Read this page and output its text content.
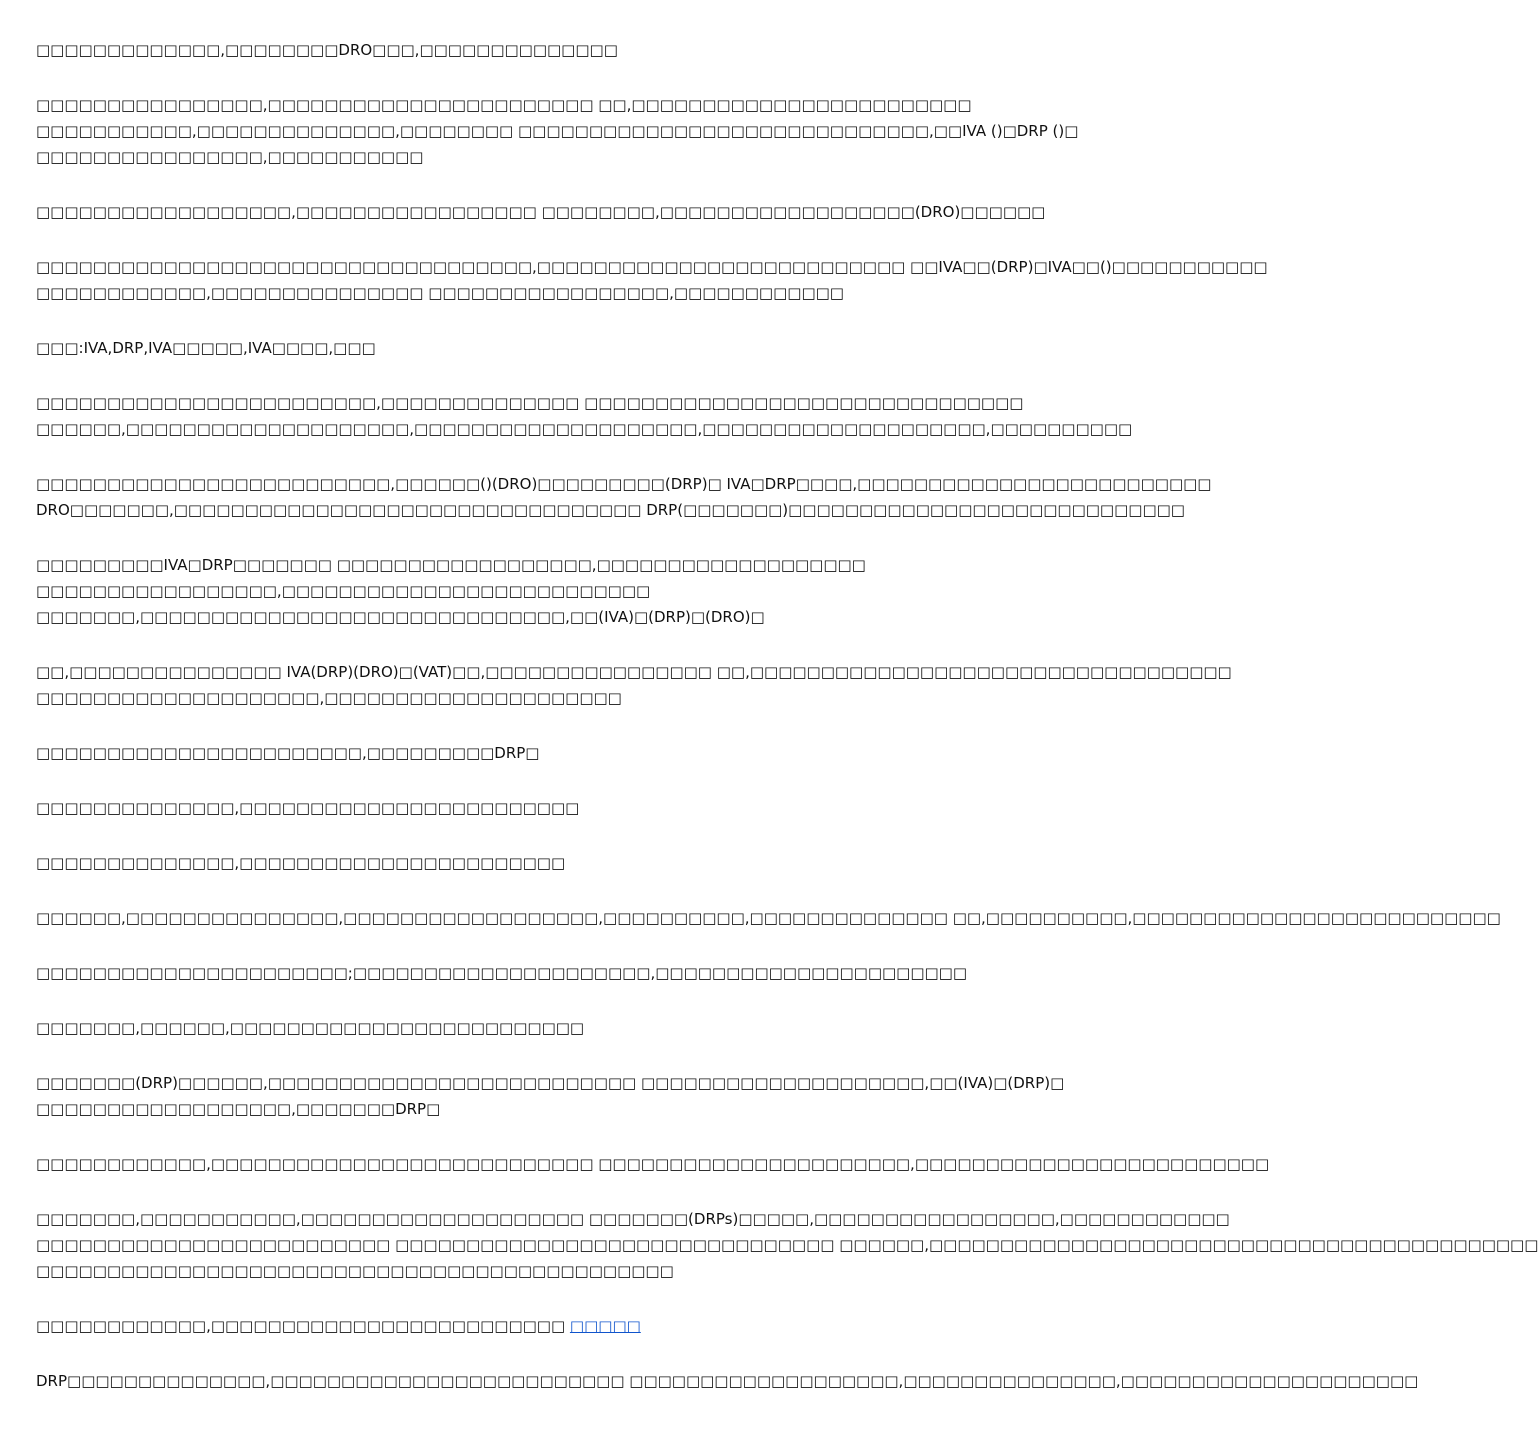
□□□□□□□□□□□□□,□□□□□□□□DRO□□□,□□□□□□□□□□□□□□

□□□□□□□□□□□□□□□□,□□□□□□□□□□□□□□□□□□□□□□□ □□,□□□□□□□□□□□□□□□□□□□□□□□□
□□□□□□□□□□□,□□□□□□□□□□□□□□,□□□□□□□□ □□□□□□□□□□□□□□□□□□□□□□□□□□□□□,□□IVA ()□DRP ()□
□□□□□□□□□□□□□□□□,□□□□□□□□□□□

□□□□□□□□□□□□□□□□□□,□□□□□□□□□□□□□□□□□ □□□□□□□□,□□□□□□□□□□□□□□□□□□(DRO)□□□□□□

□□□□□□□□□□□□□□□□□□□□□□□□□□□□□□□□□□□,□□□□□□□□□□□□□□□□□□□□□□□□□□ □□IVA□□(DRP)□IVA□□()□□□□□□□□□□□
□□□□□□□□□□□□,□□□□□□□□□□□□□□□ □□□□□□□□□□□□□□□□□,□□□□□□□□□□□□

□□□:IVA,DRP,IVA□□□□□,IVA□□□□,□□□

□□□□□□□□□□□□□□□□□□□□□□□□,□□□□□□□□□□□□□□ □□□□□□□□□□□□□□□□□□□□□□□□□□□□□□□
□□□□□□,□□□□□□□□□□□□□□□□□□□□,□□□□□□□□□□□□□□□□□□□□,□□□□□□□□□□□□□□□□□□□□,□□□□□□□□□□

□□□□□□□□□□□□□□□□□□□□□□□□□,□□□□□□()(DRO)□□□□□□□□□(DRP)□ IVA□DRP□□□□,□□□□□□□□□□□□□□□□□□□□□□□□□
DRO□□□□□□□,□□□□□□□□□□□□□□□□□□□□□□□□□□□□□□□□□ DRP(□□□□□□□)□□□□□□□□□□□□□□□□□□□□□□□□□□□□

□□□□□□□□□IVA□DRP□□□□□□□ □□□□□□□□□□□□□□□□□□,□□□□□□□□□□□□□□□□□□□
□□□□□□□□□□□□□□□□□,□□□□□□□□□□□□□□□□□□□□□□□□□□
□□□□□□□,□□□□□□□□□□□□□□□□□□□□□□□□□□□□□□,□□(IVA)□(DRP)□(DRO)□

□□,□□□□□□□□□□□□□□□ IVA(DRP)(DRO)□(VAT)□□,□□□□□□□□□□□□□□□□ □□,□□□□□□□□□□□□□□□□□□□□□□□□□□□□□□□□□□
□□□□□□□□□□□□□□□□□□□□,□□□□□□□□□□□□□□□□□□□□□

□□□□□□□□□□□□□□□□□□□□□□□,□□□□□□□□□DRP□

□□□□□□□□□□□□□□,□□□□□□□□□□□□□□□□□□□□□□□□

□□□□□□□□□□□□□□,□□□□□□□□□□□□□□□□□□□□□□□

□□□□□□,□□□□□□□□□□□□□□□,□□□□□□□□□□□□□□□□□□,□□□□□□□□□□,□□□□□□□□□□□□□□ □□,□□□□□□□□□□,□□□□□□□□□□□□□□□□□□□□□□□□□□

□□□□□□□□□□□□□□□□□□□□□□;□□□□□□□□□□□□□□□□□□□□□,□□□□□□□□□□□□□□□□□□□□□□

□□□□□□□,□□□□□□,□□□□□□□□□□□□□□□□□□□□□□□□□

□□□□□□□(DRP)□□□□□□,□□□□□□□□□□□□□□□□□□□□□□□□□□ □□□□□□□□□□□□□□□□□□□□,□□(IVA)□(DRP)□
□□□□□□□□□□□□□□□□□□,□□□□□□□DRP□

□□□□□□□□□□□□,□□□□□□□□□□□□□□□□□□□□□□□□□□□ □□□□□□□□□□□□□□□□□□□□□□,□□□□□□□□□□□□□□□□□□□□□□□□□

□□□□□□□,□□□□□□□□□□□,□□□□□□□□□□□□□□□□□□□□ □□□□□□□(DRPs)□□□□□,□□□□□□□□□□□□□□□□□,□□□□□□□□□□□□
□□□□□□□□□□□□□□□□□□□□□□□□□ □□□□□□□□□□□□□□□□□□□□□□□□□□□□□□□ □□□□□□,□□□□□□□□□□□□□□□□□□□□□□□□□□□□□□□□□□□□□□□□□□□
□□□□□□□□□□□□□□□□□□□□□□□□□□□□□□□□□□□□□□□□□□□□□

□□□□□□□□□□□□,□□□□□□□□□□□□□□□□□□□□□□□□□ □□□□□

DRP□□□□□□□□□□□□□□,□□□□□□□□□□□□□□□□□□□□□□□□□ □□□□□□□□□□□□□□□□□□□,□□□□□□□□□□□□□□□,□□□□□□□□□□□□□□□□□□□□□
